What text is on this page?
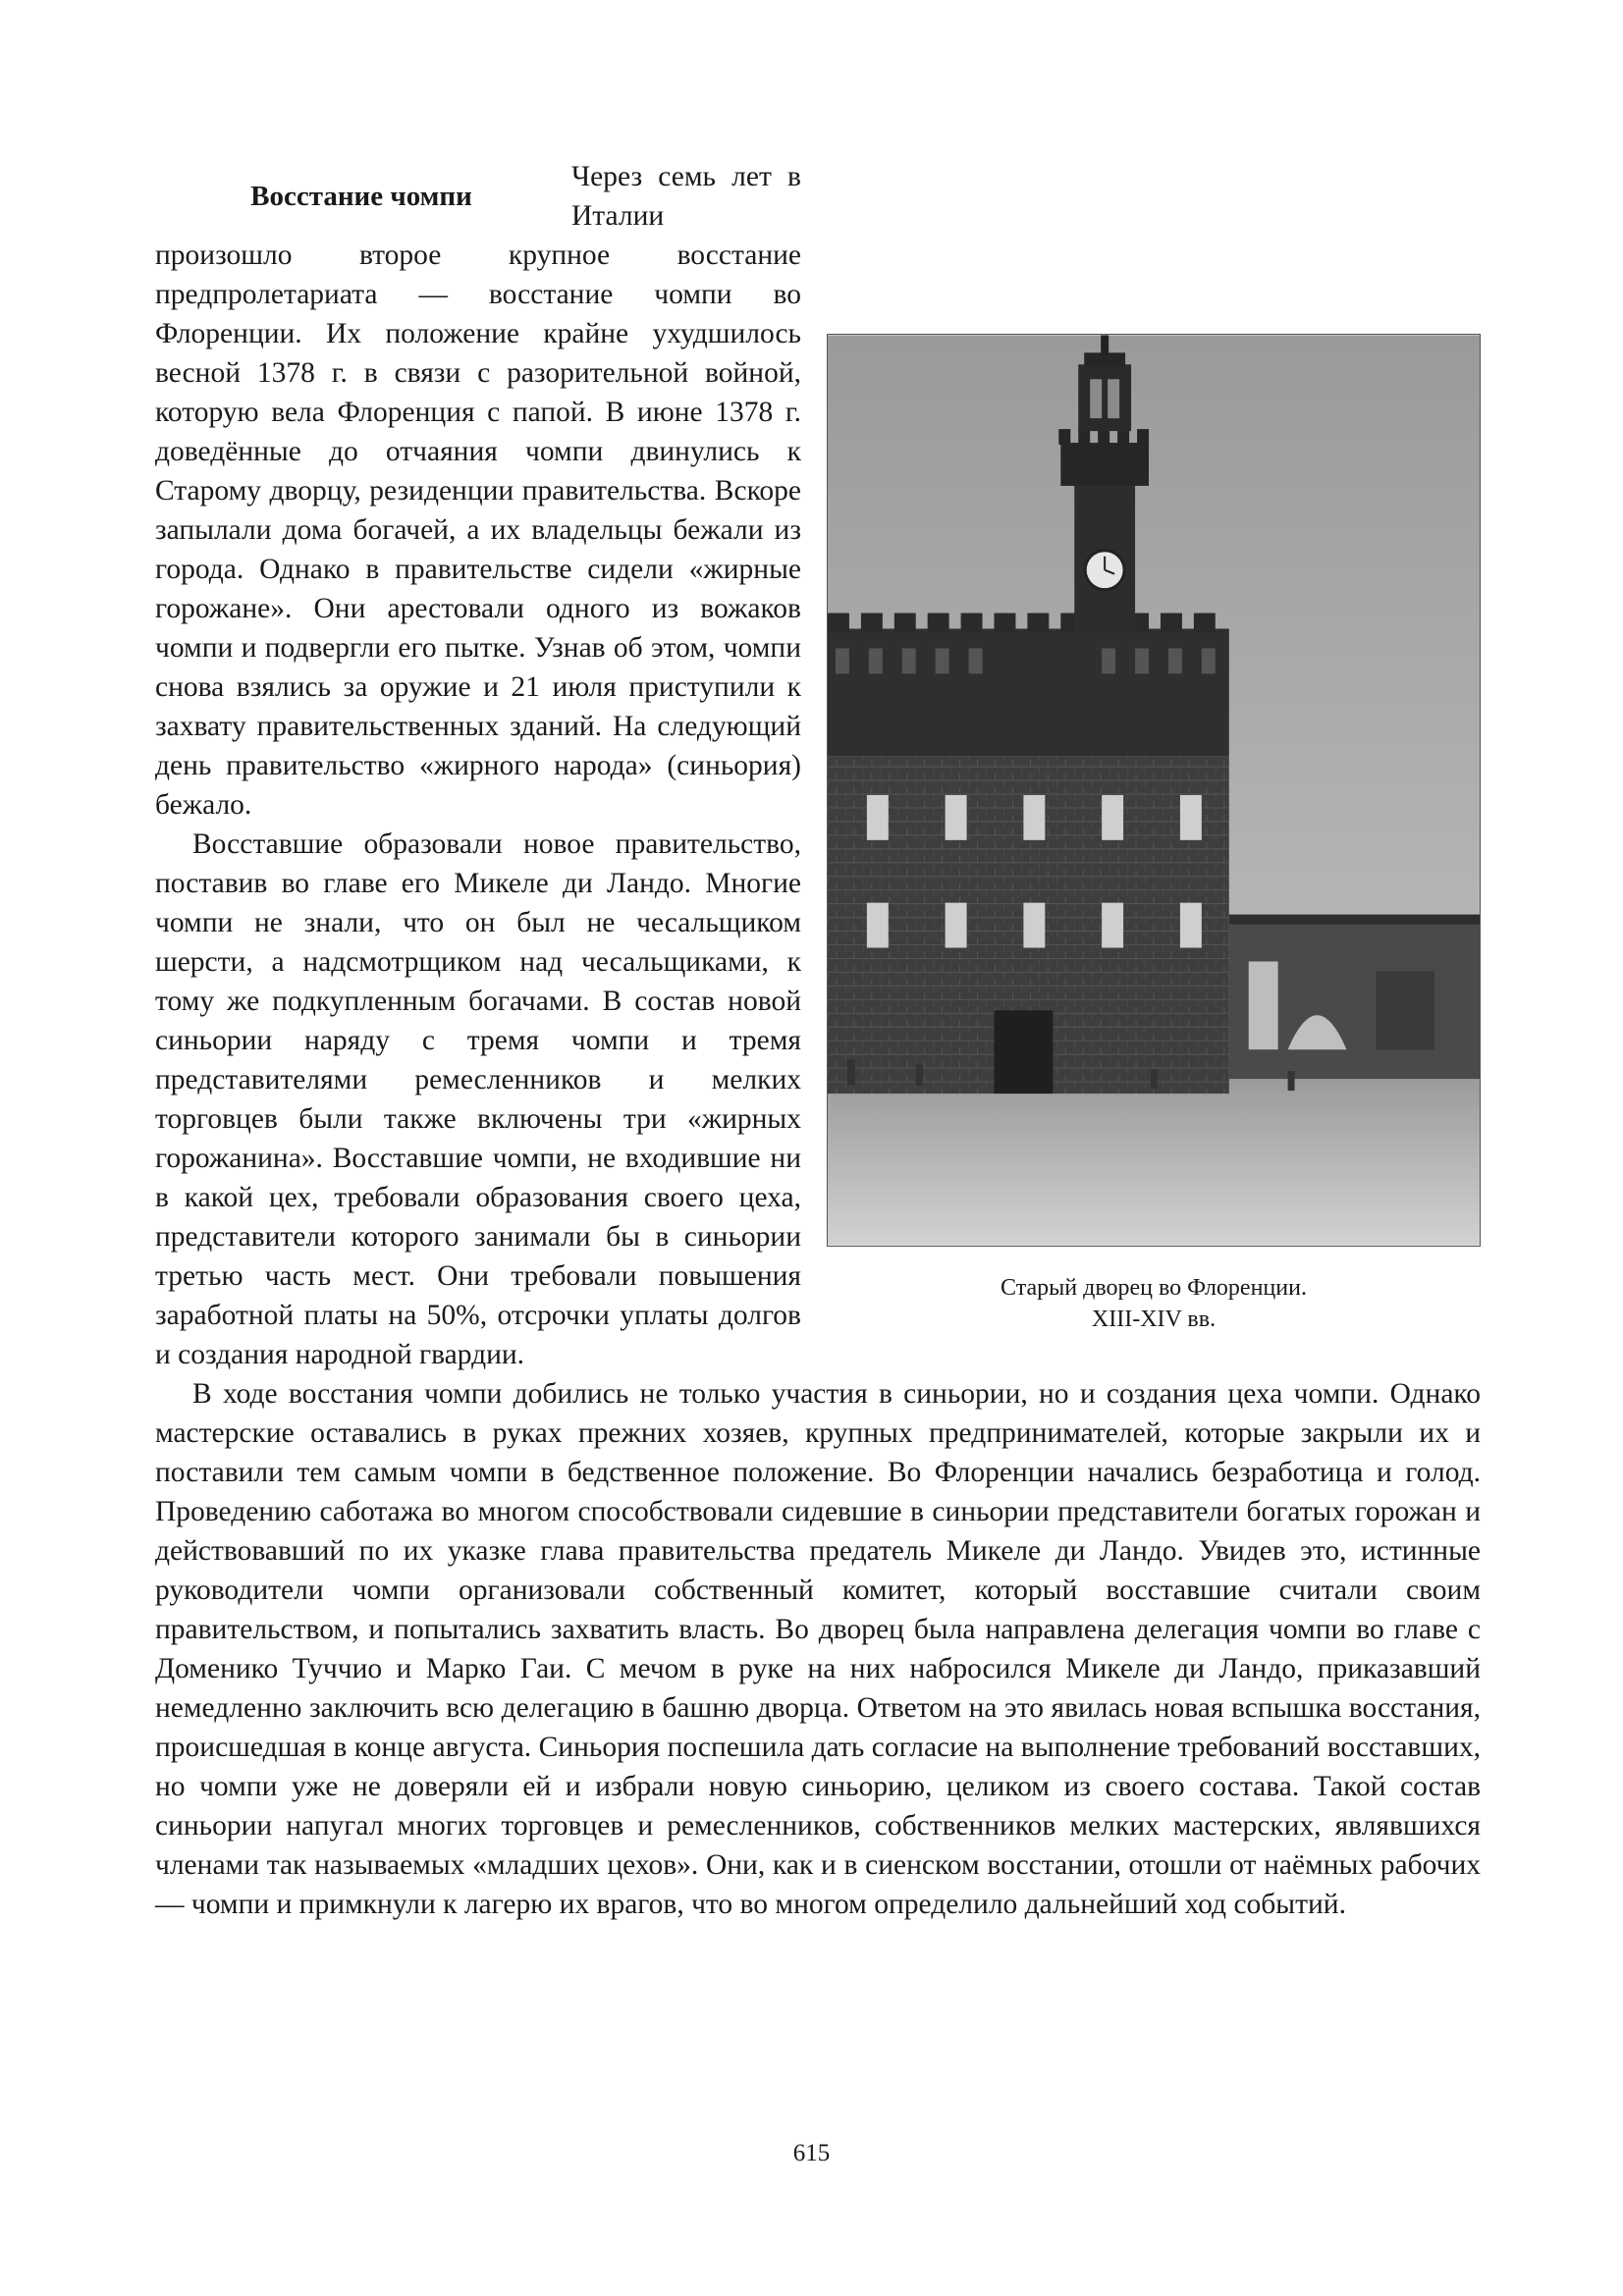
Восстание чомпи

Старый дворец во Флоренции.
XIII-XIV вв.
Через семь лет в Италии произошло второе крупное восстание предпролетариата — восстание чомпи во Флоренции. Их положение крайне ухудшилось весной 1378 г. в связи с разорительной войной, которую вела Флоренция с папой. В июне 1378 г. доведённые до отчаяния чомпи двинулись к Старому дворцу, резиденции правительства. Вскоре запылали дома богачей, а их владельцы бежали из города. Однако в правительстве сидели «жирные горожане». Они арестовали одного из вожаков чомпи и подвергли его пытке. Узнав об этом, чомпи снова взялись за оружие и 21 июля приступили к захвату правительственных зданий. На следующий день правительство «жирного народа» (синьория) бежало.

Восставшие образовали новое правительство, поставив во главе его Микеле ди Ландо. Многие чомпи не знали, что он был не чесальщиком шерсти, а надсмотрщиком над чесальщиками, к тому же подкупленным богачами. В состав новой синьории наряду с тремя чомпи и тремя представителями ремесленников и мелких торговцев были также включены три «жирных горожанина». Восставшие чомпи, не входившие ни в какой цех, требовали образования своего цеха, представители которого занимали бы в синьории третью часть мест. Они требовали повышения заработной платы на 50%, отсрочки уплаты долгов и создания народной гвардии.

В ходе восстания чомпи добились не только участия в синьории, но и создания цеха чомпи. Однако мастерские оставались в руках прежних хозяев, крупных предпринимателей, которые закрыли их и поставили тем самым чомпи в бедственное положение. Во Флоренции начались безработица и голод. Проведению саботажа во многом способствовали сидевшие в синьории представители богатых горожан и действовавший по их указке глава правительства предатель Микеле ди Ландо. Увидев это, истинные руководители чомпи организовали собственный комитет, который восставшие считали своим правительством, и попытались захватить власть. Во дворец была направлена делегация чомпи во главе с Доменико Туччио и Марко Гаи. С мечом в руке на них набросился Микеле ди Ландо, приказавший немедленно заключить всю делегацию в башню дворца. Ответом на это явилась новая вспышка восстания, происшедшая в конце августа. Синьория поспешила дать согласие на выполнение требований восставших, но чомпи уже не доверяли ей и избрали новую синьорию, целиком из своего состава. Такой состав синьории напугал многих торговцев и ремесленников, собственников мелких мастерских, являвшихся членами так называемых «младших цехов». Они, как и в сиенском восстании, отошли от наёмных рабочих — чомпи и примкнули к лагерю их врагов, что во многом определило дальнейший ход событий.

615
